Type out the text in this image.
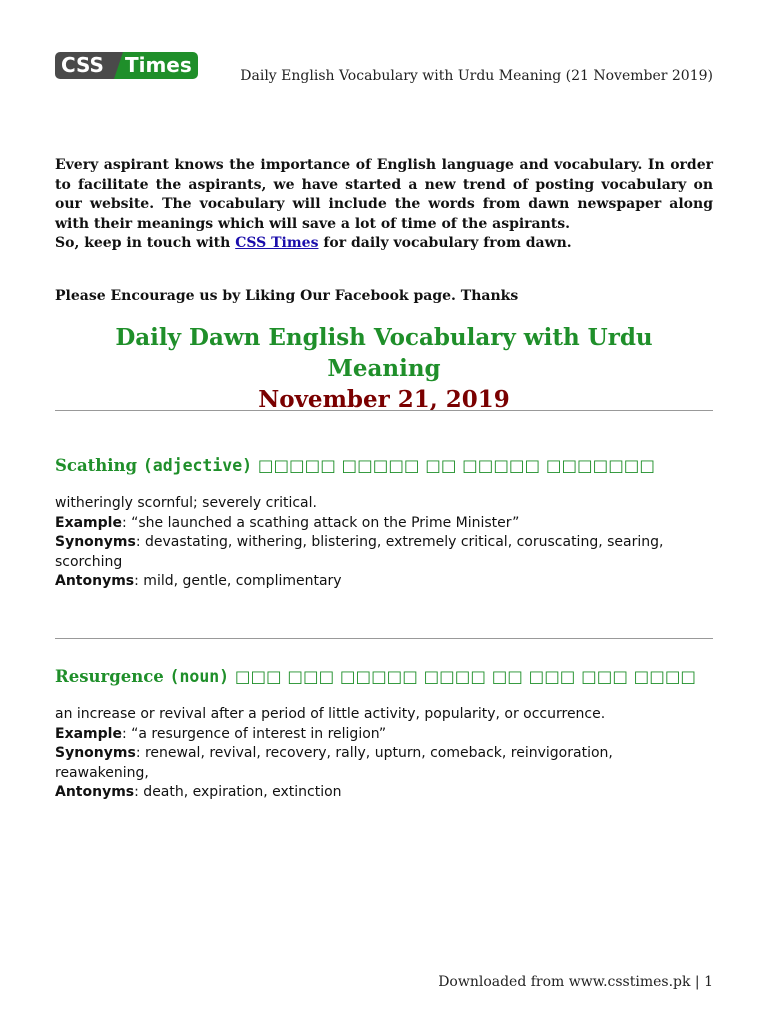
CSS	Times	Daily English Vocabulary with Urdu Meaning (21 November 2019)
Every aspirant knows the importance of English language and vocabulary. In order to facilitate the aspirants, we have started a new trend of posting vocabulary on our website. The vocabulary will include the words from dawn newspaper along with their meanings which will save a lot of time of the aspirants.
So, keep in touch with CSS Times for daily vocabulary from dawn.
Please Encourage us by Liking Our Facebook page. Thanks
Daily Dawn English Vocabulary with Urdu Meaning
November 21, 2019
Scathing (adjective) □□□□□ □□□□□ □□ □□□□□ □□□□□□□
witheringly scornful; severely critical.
Example: “she launched a scathing attack on the Prime Minister”
Synonyms: devastating, withering, blistering, extremely critical, coruscating, searing, scorching
Antonyms: mild, gentle, complimentary
Resurgence (noun) □□□ □□□ □□□□□ □□□□ □□ □□□ □□□ □□□□
an increase or revival after a period of little activity, popularity, or occurrence.
Example: “a resurgence of interest in religion”
Synonyms: renewal, revival, recovery, rally, upturn, comeback, reinvigoration, reawakening,
Antonyms: death, expiration, extinction
Downloaded from www.csstimes.pk | 1
